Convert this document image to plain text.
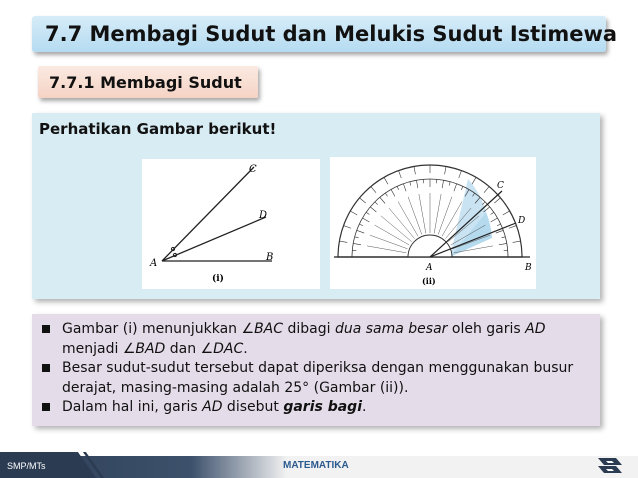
7.7 Membagi Sudut dan Melukis Sudut Istimewa
7.7.1 Membagi Sudut
Perhatikan Gambar berikut!
A
B
C
D
(i)
A	B
C
D
(ii)
Gambar (i) menunjukkan ∠BAC dibagi dua sama besar oleh garis AD menjadi ∠BAD dan ∠DAC.
Besar sudut-sudut tersebut dapat diperiksa dengan menggunakan busur derajat, masing-masing adalah 25° (Gambar (ii)).
Dalam hal ini, garis AD disebut garis bagi.
SMP/MTs	MATEMATIKA
